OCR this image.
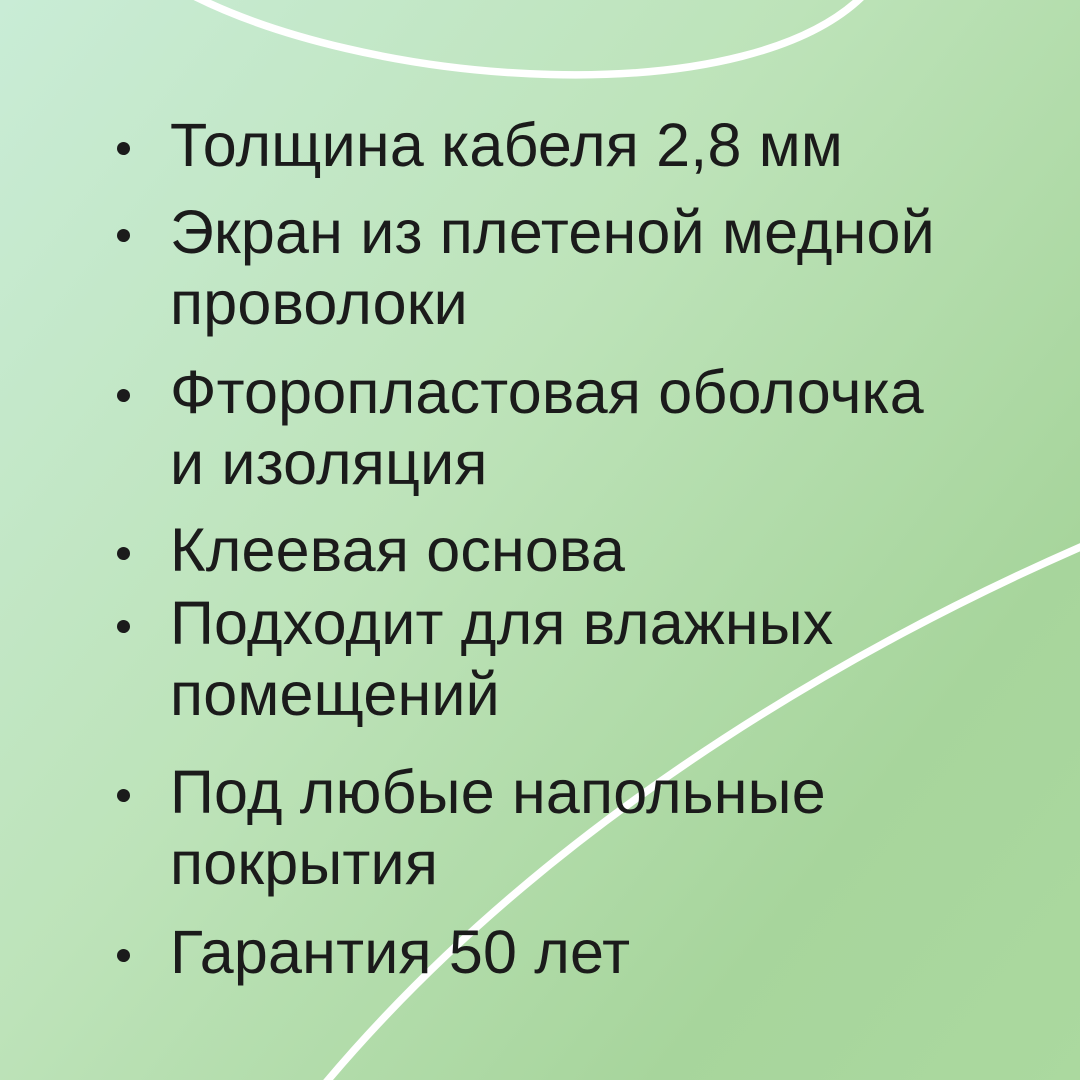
Толщина кабеля 2,8 мм
Экран из плетеной медной
проволоки
Фторопластовая оболочка
и изоляция
Клеевая основа
Подходит для влажных
помещений
Под любые напольные
покрытия
Гарантия 50 лет
